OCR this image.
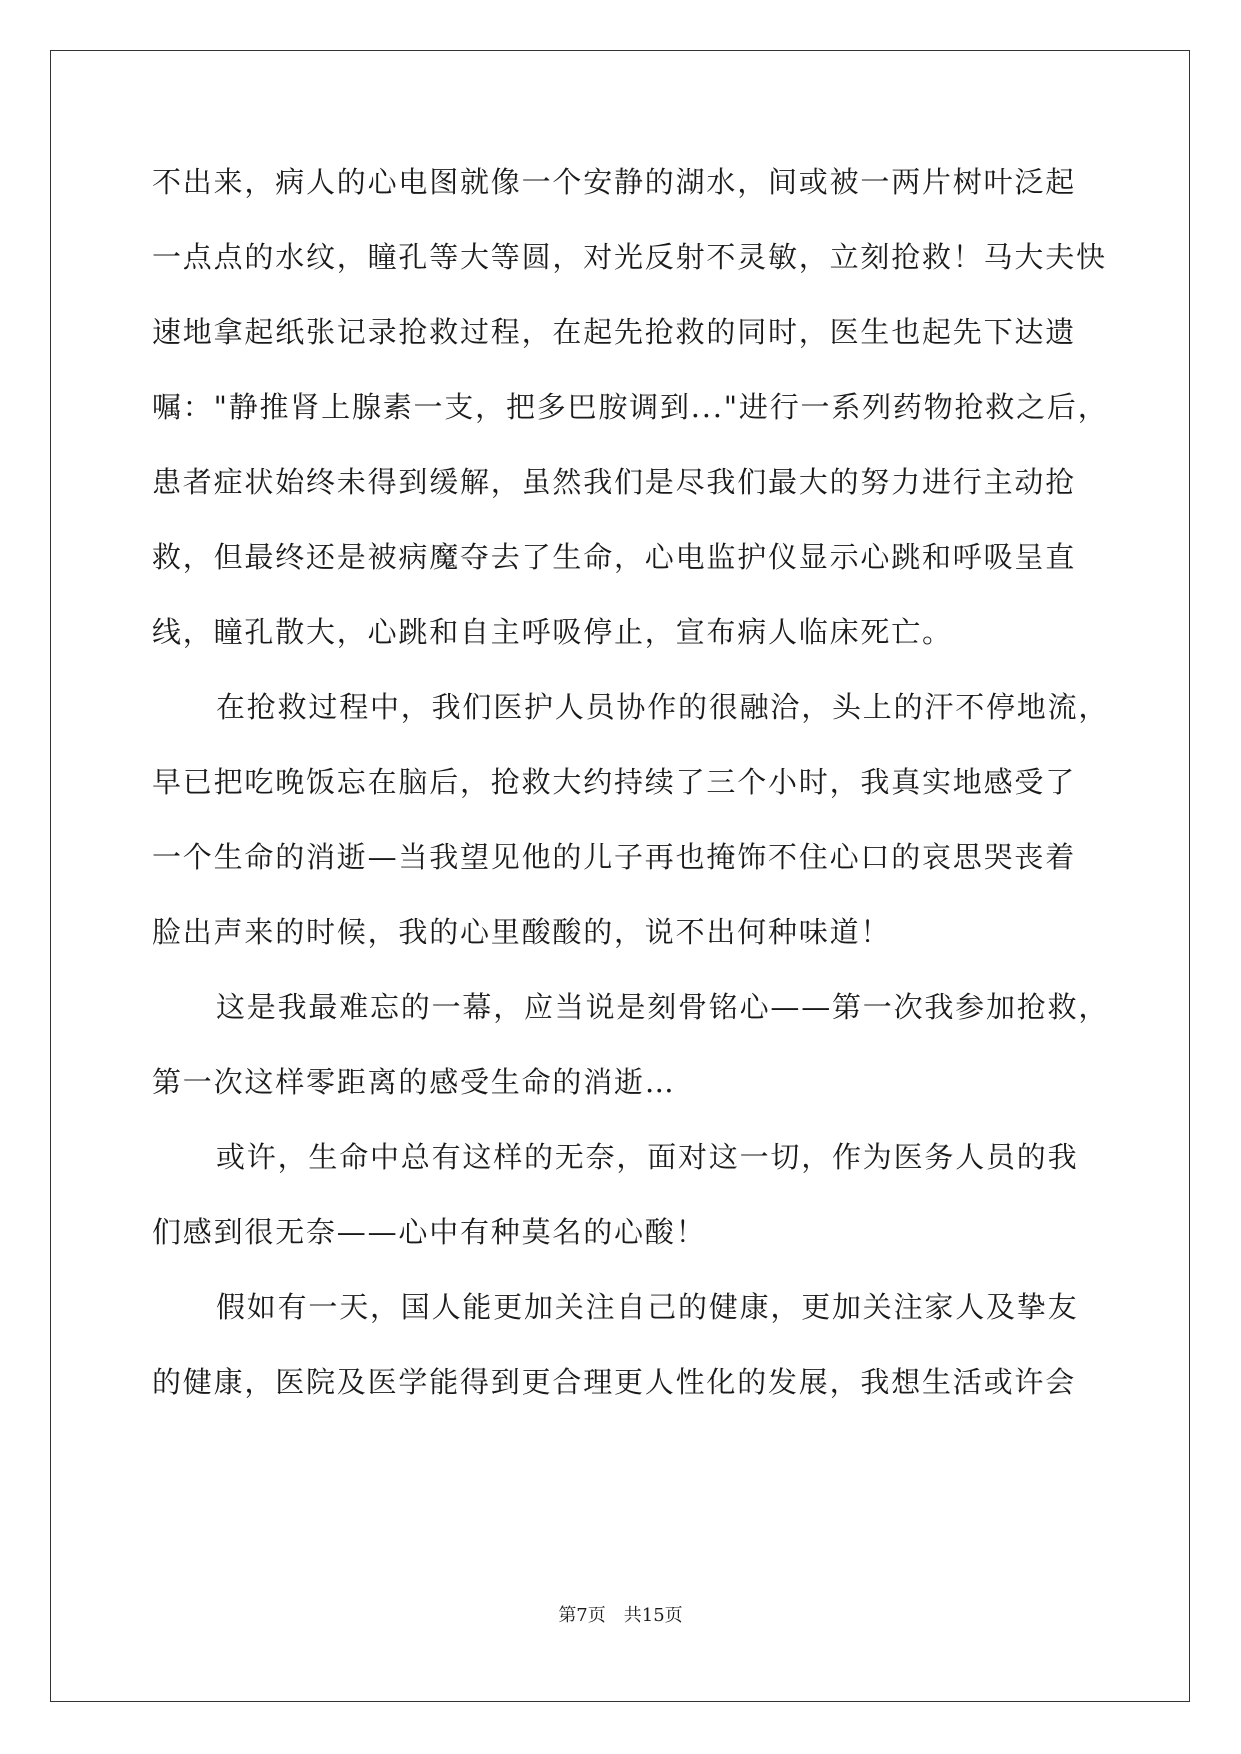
不出来，病人的心电图就像一个安静的湖水，间或被一两片树叶泛起
一点点的水纹，瞳孔等大等圆，对光反射不灵敏，立刻抢救！马大夫快
速地拿起纸张记录抢救过程，在起先抢救的同时，医生也起先下达遗
嘱："静推肾上腺素一支，把多巴胺调到..."进行一系列药物抢救之后，
患者症状始终未得到缓解，虽然我们是尽我们最大的努力进行主动抢
救，但最终还是被病魔夺去了生命，心电监护仪显示心跳和呼吸呈直
线，瞳孔散大，心跳和自主呼吸停止，宣布病人临床死亡。
在抢救过程中，我们医护人员协作的很融洽，头上的汗不停地流，
早已把吃晚饭忘在脑后，抢救大约持续了三个小时，我真实地感受了
一个生命的消逝—当我望见他的儿子再也掩饰不住心口的哀思哭丧着
脸出声来的时候，我的心里酸酸的，说不出何种味道！
这是我最难忘的一幕，应当说是刻骨铭心——第一次我参加抢救，
第一次这样零距离的感受生命的消逝…
或许，生命中总有这样的无奈，面对这一切，作为医务人员的我
们感到很无奈——心中有种莫名的心酸！
假如有一天，国人能更加关注自己的健康，更加关注家人及挚友
的健康，医院及医学能得到更合理更人性化的发展，我想生活或许会
第7页　共15页
